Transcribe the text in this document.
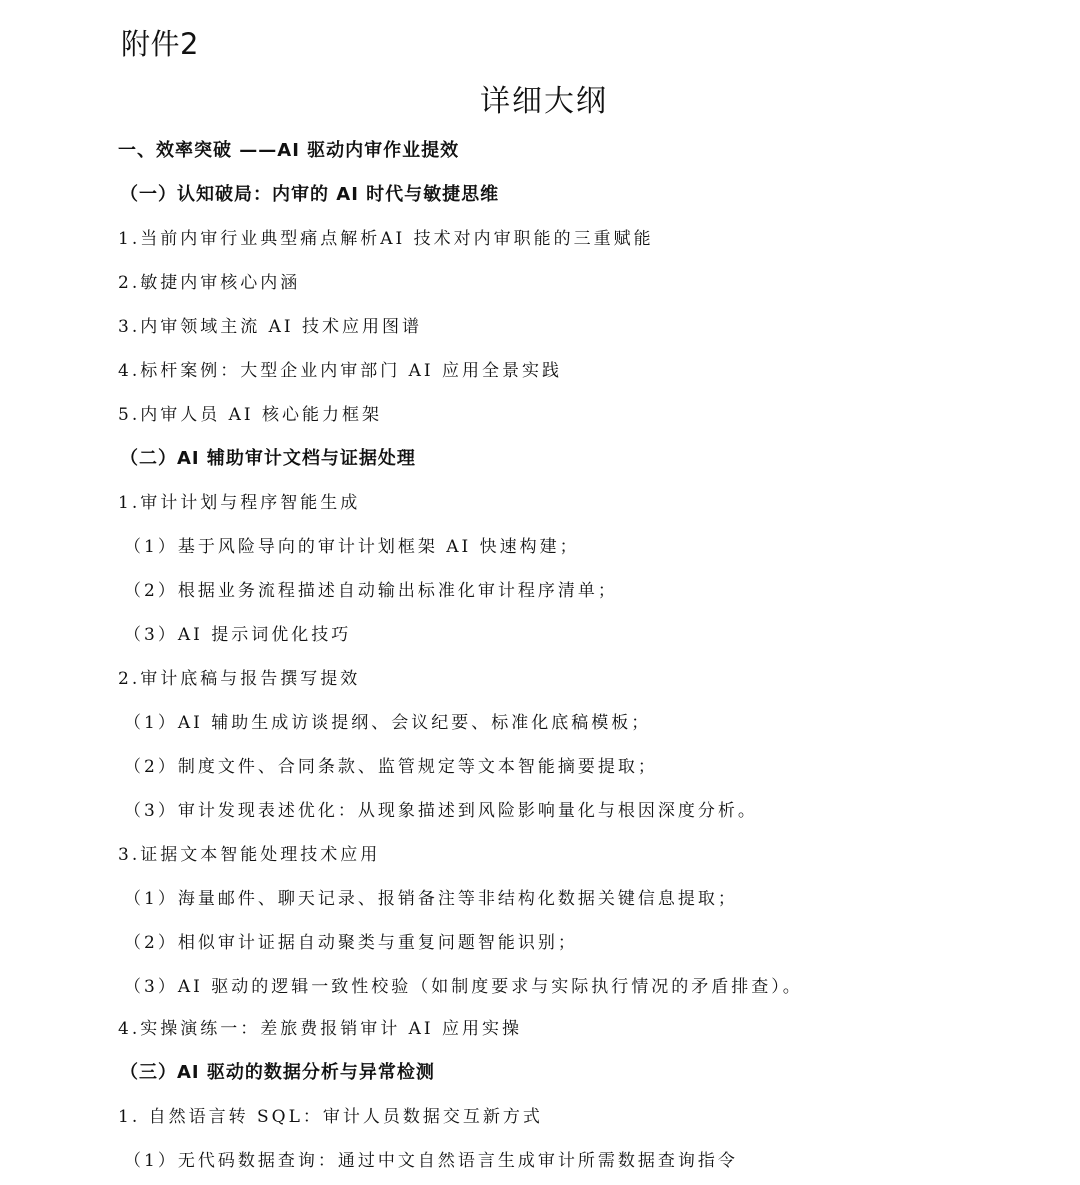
附件2
详细大纲
一、效率突破 ——AI 驱动内审作业提效
（一）认知破局：内审的 AI 时代与敏捷思维
1.当前内审行业典型痛点解析AI 技术对内审职能的三重赋能
2.敏捷内审核心内涵
3.内审领域主流 AI 技术应用图谱
4.标杆案例：大型企业内审部门 AI 应用全景实践
5.内审人员 AI 核心能力框架
（二）AI 辅助审计文档与证据处理
1.审计计划与程序智能生成
（1）基于风险导向的审计计划框架 AI 快速构建；
（2）根据业务流程描述自动输出标准化审计程序清单；
（3）AI 提示词优化技巧
2.审计底稿与报告撰写提效
（1）AI 辅助生成访谈提纲、会议纪要、标准化底稿模板；
（2）制度文件、合同条款、监管规定等文本智能摘要提取；
（3）审计发现表述优化：从现象描述到风险影响量化与根因深度分析。
3.证据文本智能处理技术应用
（1）海量邮件、聊天记录、报销备注等非结构化数据关键信息提取；
（2）相似审计证据自动聚类与重复问题智能识别；
（3）AI 驱动的逻辑一致性校验（如制度要求与实际执行情况的矛盾排查）。
4.实操演练一：差旅费报销审计 AI 应用实操
（三）AI 驱动的数据分析与异常检测
1. 自然语言转 SQL：审计人员数据交互新方式
（1）无代码数据查询：通过中文自然语言生成审计所需数据查询指令
